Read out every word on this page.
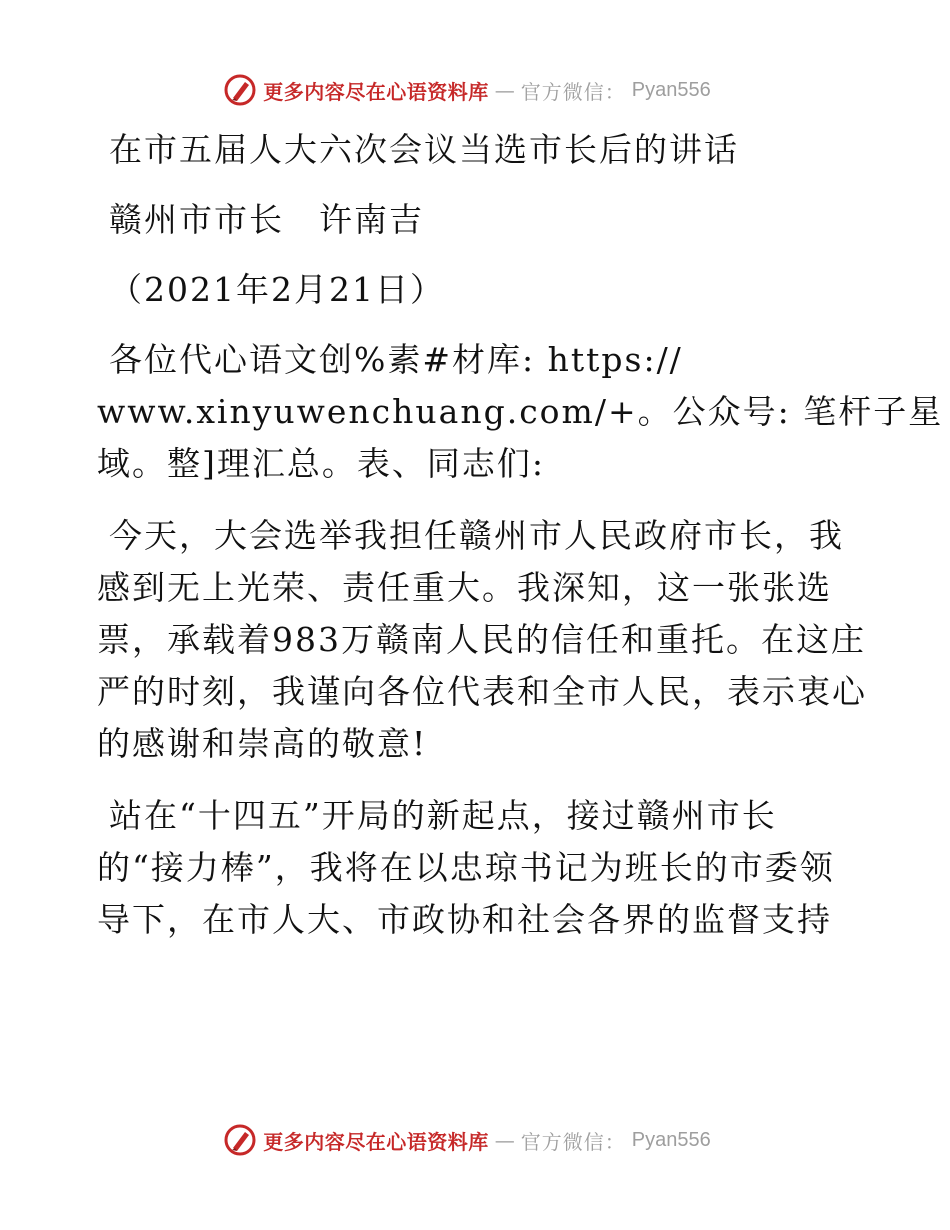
更多内容尽在心语资料库 — 官方微信： Pyan556
在市五届人大六次会议当选市长后的讲话
赣州市市长　许南吉
（2021年2月21日）
各位代心语文创%素#材库: https://
www.xinyuwenchuang.com/+。公众号: 笔杆子星
域。整]理汇总。表、同志们:
今天，大会选举我担任赣州市人民政府市长，我
感到无上光荣、责任重大。我深知，这一张张选
票，承载着983万赣南人民的信任和重托。在这庄
严的时刻，我谨向各位代表和全市人民，表示衷心
的感谢和崇高的敬意!
站在“十四五”开局的新起点，接过赣州市长
的“接力棒”，我将在以忠琼书记为班长的市委领
导下，在市人大、市政协和社会各界的监督支持
更多内容尽在心语资料库 — 官方微信： Pyan556
